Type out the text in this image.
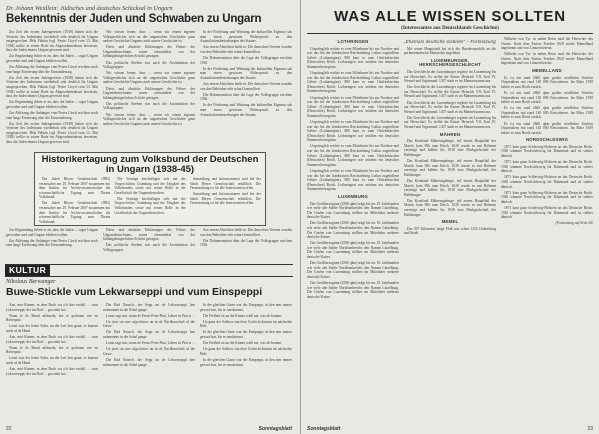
Dr. Johann Weidlein: Jüdisches und deutsches Schicksal in Ungarn
Bekenntnis der Juden und Schwaben zu Ungarn

Zur Zeit des ersten Judengesetzes (1938) hatten sich die Vertreter des Judentums wiederholt sehr deutlich für Ungarn ausgesprochen. Béla Fábián (vgl. Pester Lloyd vom 13. Mai 1938) wollte in seiner Rede im Abgeordnetenhaus beweisen, dass die Juden immer Ungarn gewesen sind.

Zur Begründung führte er an, dass die Juden ... sogar Ungarn geworden sind und Ungarn bleiben wollen.

Zur Ablösung der Anhänger vom Pester Lloyd erschien noch eine lange Erörterung über die Einwanderung.

Zur Zeit des ersten Judengesetzes (1938) hatten sich die Vertreter des Judentums wiederholt sehr deutlich für Ungarn ausgesprochen. Béla Fábián (vgl. Pester Lloyd vom 13. Mai 1938) wollte in seiner Rede im Abgeordnetenhaus beweisen, dass die Juden immer Ungarn gewesen sind.

Zur Begründung führte er an, dass die Juden ... sogar Ungarn geworden sind und Ungarn bleiben wollen.

Zur Ablösung der Anhänger vom Pester Lloyd erschien noch eine lange Erörterung über die Einwanderung.

Zur Zeit des ersten Judengesetzes (1938) hatten sich die Vertreter des Judentums wiederholt sehr deutlich für Ungarn ausgesprochen. Béla Fábián (vgl. Pester Lloyd vom 13. Mai 1938) wollte in seiner Rede im Abgeordnetenhaus beweisen, dass die Juden immer Ungarn gewesen sind.

Wir wissen ferner, dass ... wenn wir einem eigenen Volksgeschichte sich an der ungarischen Geschichte ganz andere Geschichte Ungarns auch unsere Geschichte ist.

Diese und ähnliche Erklärungen der Führer des Ungarndeutschtums waren einwandfrei von der bildungsbürgerlichen Schicht getragen.

Das politische Streben war auch die Assimilation der Volksgruppen.

Wir wissen ferner, dass ... wenn wir einem eigenen Volksgeschichte sich an der ungarischen Geschichte ganz andere Geschichte Ungarns auch unsere Geschichte ist.

Diese und ähnliche Erklärungen der Führer des Ungarndeutschtums waren einwandfrei von der bildungsbürgerlichen Schicht getragen.

Das politische Streben war auch die Assimilation der Volksgruppen.

Wir wissen ferner, dass ... wenn wir einem eigenen Volksgeschichte sich an der ungarischen Geschichte ganz andere Geschichte Ungarns auch unsere Geschichte ist.

In der Förderung und Wahrung der kulturellen Eigenart sah man einen gewissen Widerspruch zu den Assimilationsbestrebungen des Staates.

Aus einem Absichten heißt es: Die deutschen Vereine wurden von den Behörden sehr scharf kontrolliert.

Die Dokumentation über die Lage der Volksgruppe erschien 1936.

In der Förderung und Wahrung der kulturellen Eigenart sah man einen gewissen Widerspruch zu den Assimilationsbestrebungen des Staates.

Aus einem Absichten heißt es: Die deutschen Vereine wurden von den Behörden sehr scharf kontrolliert.

Die Dokumentation über die Lage der Volksgruppe erschien 1936.

In der Förderung und Wahrung der kulturellen Eigenart sah man einen gewissen Widerspruch zu den Assimilationsbestrebungen des Staates.

Historikertagung zum Volksbund der Deutschen in Ungarn (1938-45)

Der Jakob Bleyer Gemeinschaft (JBG) veranstaltet am 28. Februar 2007 zusammen mit dem Institut für Archivwissenschaften die wissenschaftliche Tagung zum Thema Volksbund.

Der Jakob Bleyer Gemeinschaft (JBG) veranstaltet am 28. Februar 2007 zusammen mit dem Institut für Archivwissenschaften die wissenschaftliche Tagung zum Thema Volksbund.

Die Vorträge beschäftigen sich mit der Vorgeschichte, Gründung und der Tätigkeit des Volksbundes sowie mit seiner Rolle in der Gesellschaft der Ungarndeutschen.

Die Vorträge beschäftigen sich mit der Vorgeschichte, Gründung und der Tätigkeit des Volksbundes sowie mit seiner Rolle in der Gesellschaft der Ungarndeutschen.

Anmeldung und Informationen sind bei der Jakob Bleyer Gemeinschaft erhältlich. Die Veranstaltung ist für alle Interessenten offen.

Anmeldung und Informationen sind bei der Jakob Bleyer Gemeinschaft erhältlich. Die Veranstaltung ist für alle Interessenten offen.

Zur Begründung führte er an, dass die Juden ... sogar Ungarn geworden sind und Ungarn bleiben wollen.

Zur Ablösung der Anhänger vom Pester Lloyd erschien noch eine lange Erörterung über die Einwanderung.

Diese und ähnliche Erklärungen der Führer des Ungarndeutschtums waren einwandfrei von der bildungsbürgerlichen Schicht getragen.

Das politische Streben war auch die Assimilation der Volksgruppen.

Aus einem Absichten heißt es: Die deutschen Vereine wurden von den Behörden sehr scharf kontrolliert.

Die Dokumentation über die Lage der Volksgruppe erschien 1936.

KULTUR
Nikolaus Berwanger
Buwe-Stickle vum Lekwarseppi und vum Einspeppi

Anu, mei Kinner, in dem Buch wu ich hier erzähl, ... vum Lekwarseppi, der im Dorf ... gewohnt hot.

Wann er de Mund uffmacht, hot er gschennt wie en Rohrspatz.

Lonzi war der letzte Sohn, un die Leit hen gsaat, er kummt noch uf de Hund.

Anu, mei Kinner, in dem Buch wu ich hier erzähl, ... vum Lekwarseppi, der im Dorf ... gewohnt hot.

Wann er de Mund uffmacht, hot er gschennt wie en Rohrspatz.

Lonzi war der letzte Sohn, un die Leit hen gsaat, er kummt noch uf de Hund.

Anu, mei Kinner, in dem Buch wu ich hier erzähl, ... vum Lekwarseppi, der im Dorf ... gewohnt hot.

Die Bad Nausch, der Sepp un de Lekwarseppi hen mitenanner in die Schul gange.

Lonzi sagt mir, wann de Fester Peter Phat, Lehrer in Pest is ...

Un jetzt sin mer ufgschriwe un in de Nachbarschaft uf die Gasse.

Die Bad Nausch, der Sepp un de Lekwarseppi hen mitenanner in die Schul gange.

Lonzi sagt mir, wann de Fester Peter Phat, Lehrer in Pest is ...

Un jetzt sin mer ufgschriwe un in de Nachbarschaft uf die Gasse.

Die Bad Nausch, der Sepp un de Lekwarseppi hen mitenanner in die Schul gange.

In der gleichen Gasse war der Einspeppi, uf den mer immer gewart hon, bis er rauskommt.

Die Freiheit ist un die Kinner weiß net, was do kommt.

Un ganz der Schluss vun dere Gschicht kummt im nächschte Heft.

In der gleichen Gasse war der Einspeppi, uf den mer immer gewart hon, bis er rauskommt.

Die Freiheit ist un die Kinner weiß net, was do kommt.

Un ganz der Schluss vun dere Gschicht kummt im nächschte Heft.

In der gleichen Gasse war der Einspeppi, uf den mer immer gewart hon, bis er rauskommt.

22	Sonntagsblatt
WAS ALLE WISSEN SOLLTEN
(Interessantes aus Deutschlands Geschichte)
LOTHRINGEN

Ursprünglich reichte es vom Mittelmeer bis zur Nordsee und war das bei der fränkischen Reichsteilung Lothar zugefallene Gebiet (Lotharingien). 880 kam es zum Ostfränkischen (Deutschen) Reich. Lotharingen war seitdem ein deutsches Stammesherzogtum.

Ursprünglich reichte es vom Mittelmeer bis zur Nordsee und war das bei der fränkischen Reichsteilung Lothar zugefallene Gebiet (Lotharingien). 880 kam es zum Ostfränkischen (Deutschen) Reich. Lotharingen war seitdem ein deutsches Stammesherzogtum.

Ursprünglich reichte es vom Mittelmeer bis zur Nordsee und war das bei der fränkischen Reichsteilung Lothar zugefallene Gebiet (Lotharingien). 880 kam es zum Ostfränkischen (Deutschen) Reich. Lotharingen war seitdem ein deutsches Stammesherzogtum.

Ursprünglich reichte es vom Mittelmeer bis zur Nordsee und war das bei der fränkischen Reichsteilung Lothar zugefallene Gebiet (Lotharingien). 880 kam es zum Ostfränkischen (Deutschen) Reich. Lotharingen war seitdem ein deutsches Stammesherzogtum.

Ursprünglich reichte es vom Mittelmeer bis zur Nordsee und war das bei der fränkischen Reichsteilung Lothar zugefallene Gebiet (Lotharingien). 880 kam es zum Ostfränkischen (Deutschen) Reich. Lotharingen war seitdem ein deutsches Stammesherzogtum.

Ursprünglich reichte es vom Mittelmeer bis zur Nordsee und war das bei der fränkischen Reichsteilung Lothar zugefallene Gebiet (Lotharingien). 880 kam es zum Ostfränkischen (Deutschen) Reich. Lotharingen war seitdem ein deutsches Stammesherzogtum.

LUXEMBURG

Das Großherzogtum (2586 qkm) trägt bis ins 19. Jahrhundert wie viele alte Städte Nordfrankreichs den Namen Lützelburg. Die Grafen von Luxemburg stellten im Mittelalter mehrere deutsche Kaiser.

Das Großherzogtum (2586 qkm) trägt bis ins 19. Jahrhundert wie viele alte Städte Nordfrankreichs den Namen Lützelburg. Die Grafen von Luxemburg stellten im Mittelalter mehrere deutsche Kaiser.

Das Großherzogtum (2586 qkm) trägt bis ins 19. Jahrhundert wie viele alte Städte Nordfrankreichs den Namen Lützelburg. Die Grafen von Luxemburg stellten im Mittelalter mehrere deutsche Kaiser.

Das Großherzogtum (2586 qkm) trägt bis ins 19. Jahrhundert wie viele alte Städte Nordfrankreichs den Namen Lützelburg. Die Grafen von Luxemburg stellten im Mittelalter mehrere deutsche Kaiser.

Das Großherzogtum (2586 qkm) trägt bis ins 19. Jahrhundert wie viele alte Städte Nordfrankreichs den Namen Lützelburg. Die Grafen von Luxemburg stellten im Mittelalter mehrere deutsche Kaiser.

„Ehemals deutsche Gebiete" – Fortsetzung

Mit seiner Hauptstadt hat sich die Bundesrepublik an die parlamentarische Monarchie angelehnt.

LUXEMBURGER, HERRSCHERGESCHLECHT

Das Geschlecht der Luxemburger regierte im Luxemburg bis zur Herrschaft. Es stellte die Kaiser Heinrich VII, Karl IV, Wenzel und Sigismund. 1437 starb es im Mannesstamm aus.

Das Geschlecht der Luxemburger regierte im Luxemburg bis zur Herrschaft. Es stellte die Kaiser Heinrich VII, Karl IV, Wenzel und Sigismund. 1437 starb es im Mannesstamm aus.

Das Geschlecht der Luxemburger regierte im Luxemburg bis zur Herrschaft. Es stellte die Kaiser Heinrich VII, Karl IV, Wenzel und Sigismund. 1437 starb es im Mannesstamm aus.

Das Geschlecht der Luxemburger regierte im Luxemburg bis zur Herrschaft. Es stellte die Kaiser Heinrich VII, Karl IV, Wenzel und Sigismund. 1437 starb es im Mannesstamm aus.

MÄHREN

Das Kronland Mährensgebirge, teil einem Hauptfluß der March, kam 906 zum Reich. 1029 wurde es mit Böhmen vereinigt und bildete bis 1918 eine Markgrafschaft der Habsburger.

Das Kronland Mährensgebirge, teil einem Hauptfluß der March, kam 906 zum Reich. 1029 wurde es mit Böhmen vereinigt und bildete bis 1918 eine Markgrafschaft der Habsburger.

Das Kronland Mährensgebirge, teil einem Hauptfluß der March, kam 906 zum Reich. 1029 wurde es mit Böhmen vereinigt und bildete bis 1918 eine Markgrafschaft der Habsburger.

Das Kronland Mährensgebirge, teil einem Hauptfluß der March, kam 906 zum Reich. 1029 wurde es mit Böhmen vereinigt und bildete bis 1918 eine Markgrafschaft der Habsburger.

MEMEL

Das 997 Kilometer lange Fluß war schon 1252 Ordensburg und Stadt.

Wilhelm von Tyr. in nahen Reise sind die Herrscher des Ostens. Nach dem Pariser Frieden 1920 wurde Memelland abgetrennt und von Litauen besetzt.

Wilhelm von Tyr. in nahen Reise sind die Herrscher des Ostens. Nach dem Pariser Frieden 1920 wurde Memelland abgetrennt und von Litauen besetzt.

MEMELLAND

Es ist ein rund 2660 qkm großer nördlicher Streifen Ostpreußens mit rund 140 000 Einwohnern. Im März 1939 kehrte es zum Reich zurück.

Es ist ein rund 2660 qkm großer nördlicher Streifen Ostpreußens mit rund 140 000 Einwohnern. Im März 1939 kehrte es zum Reich zurück.

Es ist ein rund 2660 qkm großer nördlicher Streifen Ostpreußens mit rund 140 000 Einwohnern. Im März 1939 kehrte es zum Reich zurück.

Es ist ein rund 2660 qkm großer nördlicher Streifen Ostpreußens mit rund 140 000 Einwohnern. Im März 1939 kehrte es zum Reich zurück.

NORDSCHLESWIG

1871 kam ganz Schleswig-Holstein an das Deutsche Reich. 1920 stimmte Nordschleswig für Dänemark und ist seither dänisch.

1871 kam ganz Schleswig-Holstein an das Deutsche Reich. 1920 stimmte Nordschleswig für Dänemark und ist seither dänisch.

1871 kam ganz Schleswig-Holstein an das Deutsche Reich. 1920 stimmte Nordschleswig für Dänemark und ist seither dänisch.

1871 kam ganz Schleswig-Holstein an das Deutsche Reich. 1920 stimmte Nordschleswig für Dänemark und ist seither dänisch.

1871 kam ganz Schleswig-Holstein an das Deutsche Reich. 1920 stimmte Nordschleswig für Dänemark und ist seither dänisch.

(Fortsetzung auf Seite 24)
Sonntagsblatt	23
